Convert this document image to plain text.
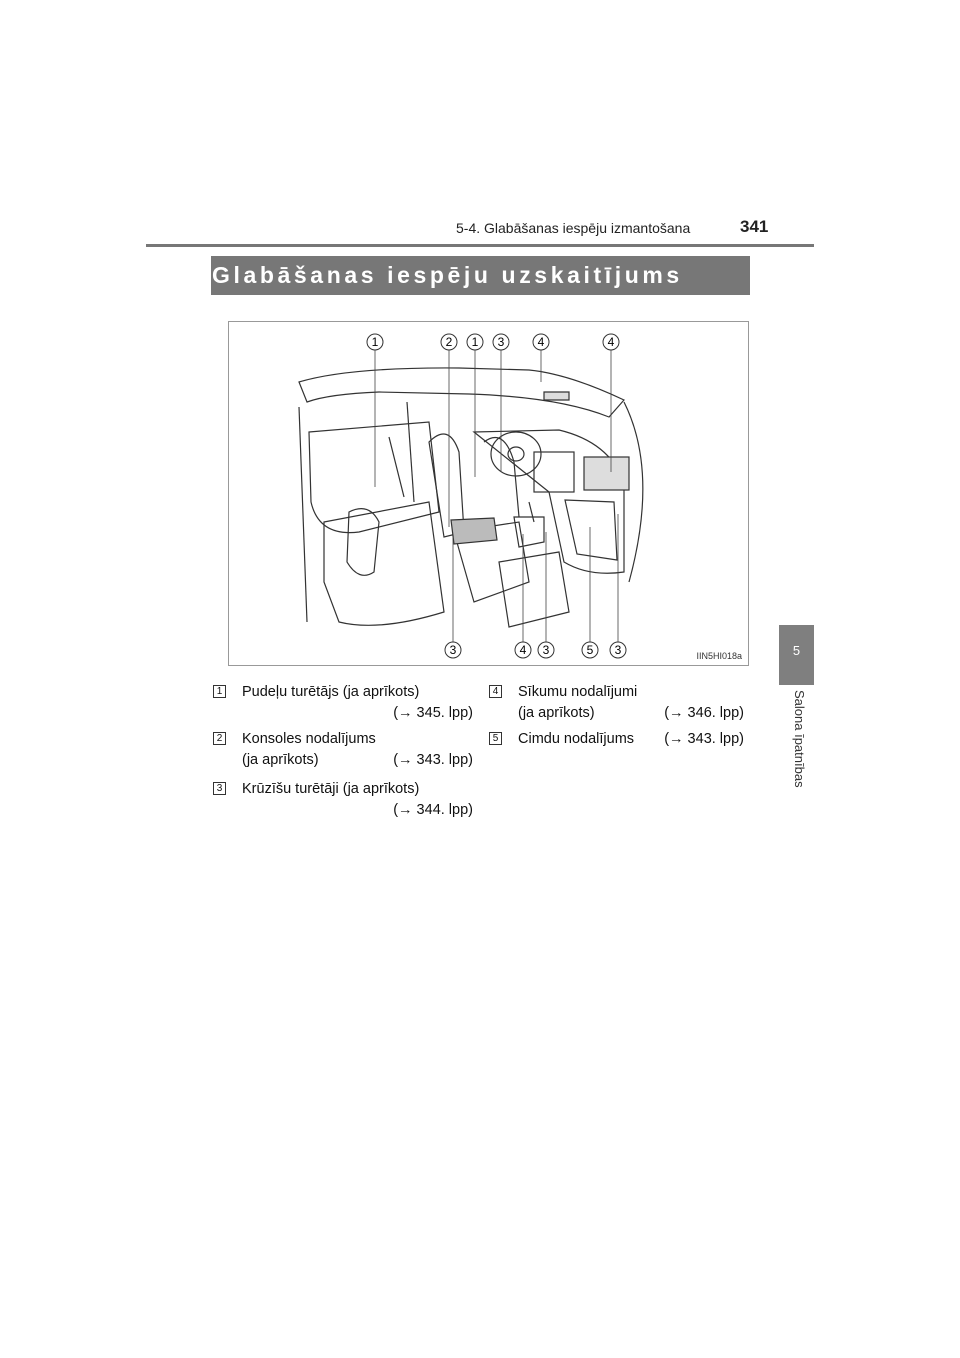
5-4. Glabāšanas iespēju izmantošana	341
5
Salona īpatnības
Glabāšanas iespēju uzskaitījums
1	2 1 3	4	4
3	4 3	5 3	IIN5HI018a
1 Pudeļu turētājs (ja aprīkots)
(→ 345. lpp)
2 Konsoles nodalījums
(ja aprīkots)	(→ 343. lpp)
3 Krūzīšu turētāji (ja aprīkots)
(→ 344. lpp)
4 Sīkumu nodalījumi
(ja aprīkots)	(→ 346. lpp)
5 Cimdu nodalījums (→ 343. lpp)
